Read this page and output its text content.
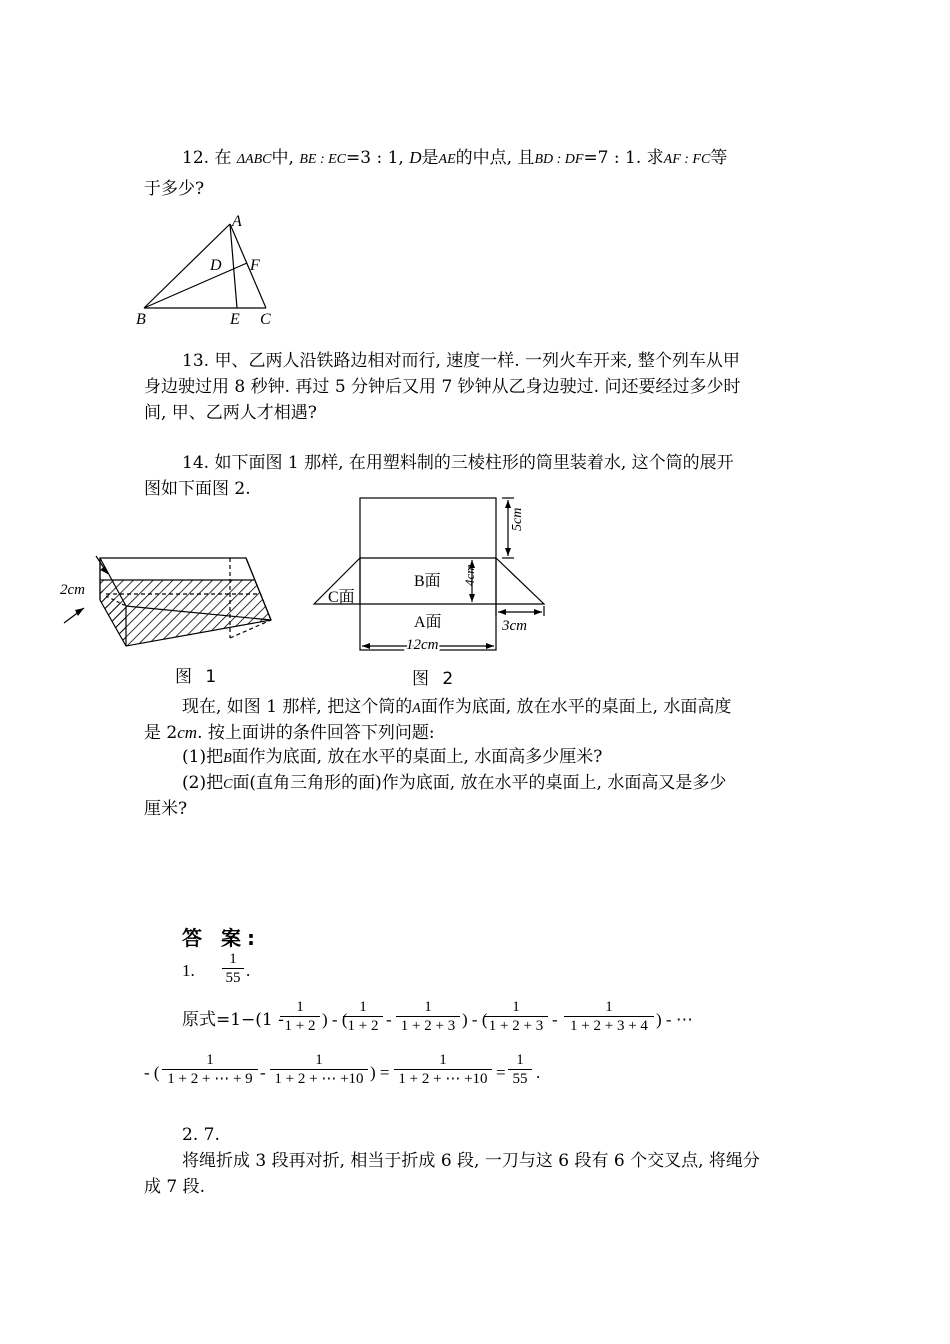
12. 在 ΔABC中, BE : EC=3 : 1, D是AE的中点, 且BD : DF=7 : 1. 求AF : FC等
于多少?
A
B	C
D
E
F
13. 甲、乙两人沿铁路边相对而行, 速度一样. 一列火车开来, 整个列车从甲
身边驶过用 8 秒钟. 再过 5 分钟后又用 7 钞钟从乙身边驶过. 问还要经过多少时
间, 甲、乙两人才相遇?
14. 如下面图 1 那样, 在用塑料制的三棱柱形的筒里装着水, 这个筒的展开
图如下面图 2.
2cm
图 1
5cm
4cm
3cm
12cm
B面
A面
C面
图 2
现在, 如图 1 那样, 把这个筒的A面作为底面, 放在水平的桌面上, 水面高度
是 2cm. 按上面讲的条件回答下列问题:
(1)把B面作为底面, 放在水平的桌面上, 水面高多少厘米?
(2)把C面(直角三角形的面)作为底面, 放在水平的桌面上, 水面高又是多少
厘米?
答 案:
1.
1
55 .
原式=1−(1 -
1
1 + 2 ) - (
1
1 + 2 -
1
1 + 2 + 3 ) - (
1
1 + 2 + 3 -
1
1 + 2 + 3 + 4 ) - ⋯
- (
1
1 + 2 + ⋯ + 9 -
1
1 + 2 + ⋯ +10 ) =
1
1 + 2 + ⋯ +10 =
1
55 .
2. 7.
将绳折成 3 段再对折, 相当于折成 6 段, 一刀与这 6 段有 6 个交叉点, 将绳分
成 7 段.
